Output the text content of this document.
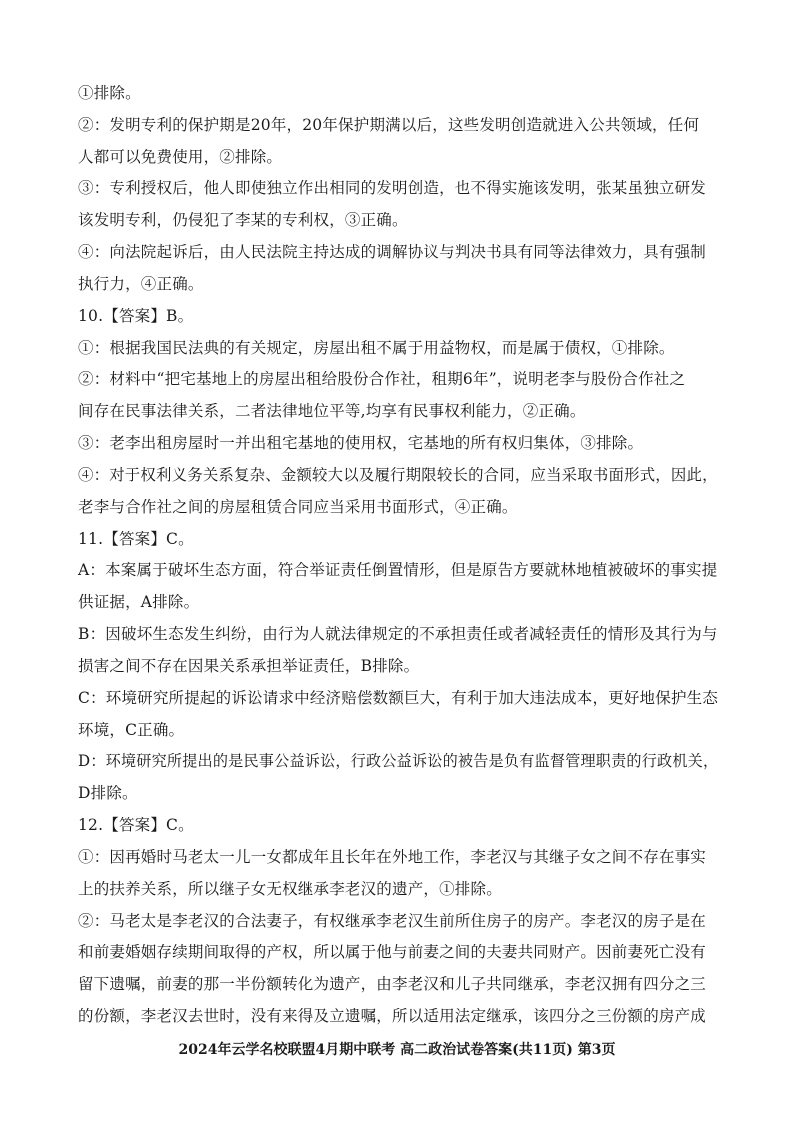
①排除。
②：发明专利的保护期是20年，20年保护期满以后，这些发明创造就进入公共领域，任何
人都可以免费使用，②排除。
③：专利授权后，他人即使独立作出相同的发明创造，也不得实施该发明，张某虽独立研发
该发明专利，仍侵犯了李某的专利权，③正确。
④：向法院起诉后，由人民法院主持达成的调解协议与判决书具有同等法律效力，具有强制
执行力，④正确。
10.【答案】B。
①：根据我国民法典的有关规定，房屋出租不属于用益物权，而是属于债权，①排除。
②：材料中“把宅基地上的房屋出租给股份合作社，租期6年”，说明老李与股份合作社之
间存在民事法律关系，二者法律地位平等,均享有民事权利能力，②正确。
③：老李出租房屋时一并出租宅基地的使用权，宅基地的所有权归集体，③排除。
④：对于权利义务关系复杂、金额较大以及履行期限较长的合同，应当采取书面形式，因此，
老李与合作社之间的房屋租赁合同应当采用书面形式，④正确。
11.【答案】C。
A：本案属于破坏生态方面，符合举证责任倒置情形，但是原告方要就林地植被破坏的事实提
供证据，A排除。
B：因破坏生态发生纠纷，由行为人就法律规定的不承担责任或者减轻责任的情形及其行为与
损害之间不存在因果关系承担举证责任，B排除。
C：环境研究所提起的诉讼请求中经济赔偿数额巨大，有利于加大违法成本，更好地保护生态
环境，C正确。
D：环境研究所提出的是民事公益诉讼，行政公益诉讼的被告是负有监督管理职责的行政机关，
D排除。
12.【答案】C。
①：因再婚时马老太一儿一女都成年且长年在外地工作，李老汉与其继子女之间不存在事实
上的扶养关系，所以继子女无权继承李老汉的遗产，①排除。
②：马老太是李老汉的合法妻子，有权继承李老汉生前所住房子的房产。李老汉的房子是在
和前妻婚姻存续期间取得的产权，所以属于他与前妻之间的夫妻共同财产。因前妻死亡没有
留下遗嘱，前妻的那一半份额转化为遗产，由李老汉和儿子共同继承，李老汉拥有四分之三
的份额，李老汉去世时，没有来得及立遗嘱，所以适用法定继承，该四分之三份额的房产成
2024年云学名校联盟4月期中联考 高二政治试卷答案(共11页) 第3页
